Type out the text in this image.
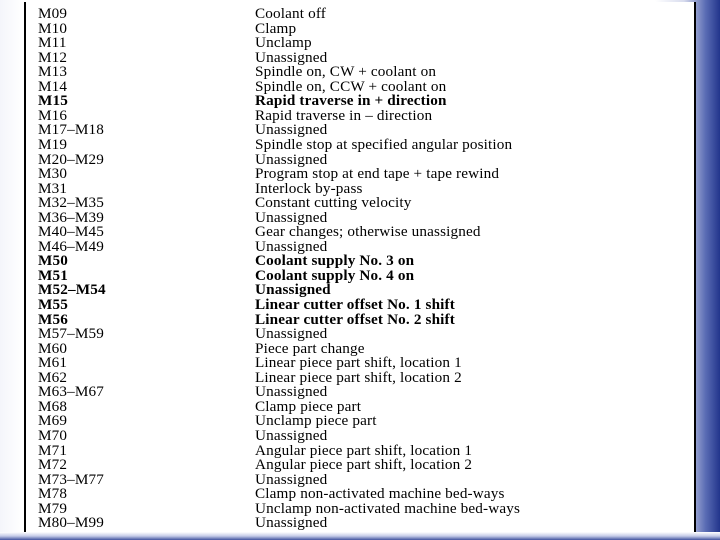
M09	Coolant off
M10	Clamp
M11	Unclamp
M12	Unassigned
M13	Spindle on, CW + coolant on
M14	Spindle on, CCW + coolant on
M15	Rapid traverse in + direction
M16	Rapid traverse in – direction
M17–M18	Unassigned
M19	Spindle stop at specified angular position
M20–M29	Unassigned
M30	Program stop at end tape + tape rewind
M31	Interlock by-pass
M32–M35	Constant cutting velocity
M36–M39	Unassigned
M40–M45	Gear changes; otherwise unassigned
M46–M49	Unassigned
M50	Coolant supply No. 3 on
M51	Coolant supply No. 4 on
M52–M54	Unassigned
M55	Linear cutter offset No. 1 shift
M56	Linear cutter offset No. 2 shift
M57–M59	Unassigned
M60	Piece part change
M61	Linear piece part shift, location 1
M62	Linear piece part shift, location 2
M63–M67	Unassigned
M68	Clamp piece part
M69	Unclamp piece part
M70	Unassigned
M71	Angular piece part shift, location 1
M72	Angular piece part shift, location 2
M73–M77	Unassigned
M78	Clamp non-activated machine bed-ways
M79	Unclamp non-activated machine bed-ways
M80–M99	Unassigned
